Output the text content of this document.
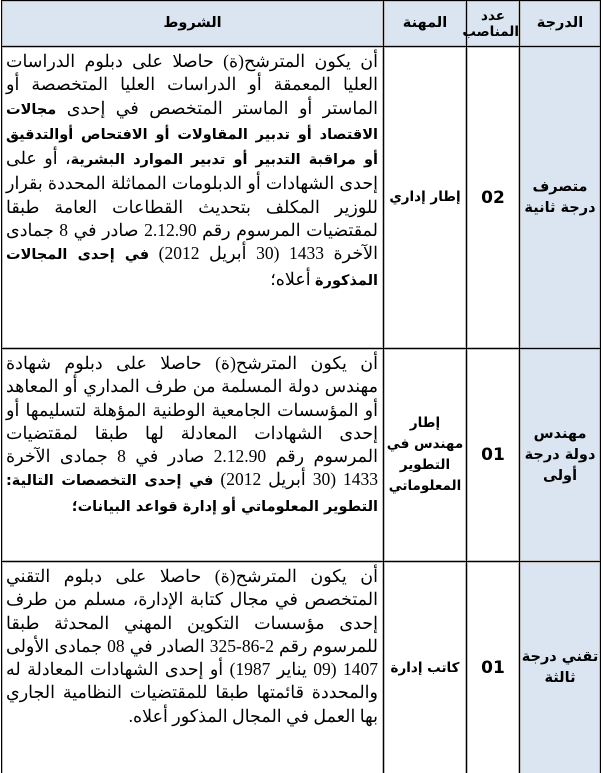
الدرجة	عدد المناصب	المهنة	الشروط
متصرف درجة ثانية	02	إطار إداري	أن يكون المترشح(ة) حاصلا على دبلوم الدراسات العليا المعمقة أو الدراسات العليا المتخصصة أو الماستر أو الماستر المتخصص في إحدى مجالات الاقتصاد أو تدبير المقاولات أو الافتحاص أوالتدقيق أو مراقبة التدبير أو تدبير الموارد البشرية، أو على إحدى الشهادات أو الدبلومات المماثلة المحددة بقرار للوزير المكلف بتحديث القطاعات العامة طبقا لمقتضيات المرسوم رقم 2.12.90 صادر في 8 جمادى الآخرة 1433 (30 أبريل 2012) في إحدى المجالات المذكورة أعلاه؛
مهندس دولة درجة أولى	01	إطار مهندس في التطوير المعلوماتي	أن يكون المترشح(ة) حاصلا على دبلوم شهادة مهندس دولة المسلمة من طرف المداري أو المعاهد أو المؤسسات الجامعية الوطنية المؤهلة لتسليمها أو إحدى الشهادات المعادلة لها طبقا لمقتضيات المرسوم رقم 2.12.90 صادر في 8 جمادى الآخرة 1433 (30 أبريل 2012) في إحدى التخصصات التالية: التطوير المعلوماتي أو إدارة قواعد البيانات؛
تقني درجة ثالثة	01	كاتب إدارة	أن يكون المترشح(ة) حاصلا على دبلوم التقني المتخصص في مجال كتابة الإدارة، مسلم من طرف إحدى مؤسسات التكوين المهني المحدثة طبقا للمرسوم رقم 2-86-325 الصادر في 08 جمادى الأولى 1407 (09 يناير 1987) أو إحدى الشهادات المعادلة له والمحددة قائمتها طبقا للمقتضيات النظامية الجاري بها العمل في المجال المذكور أعلاه.
